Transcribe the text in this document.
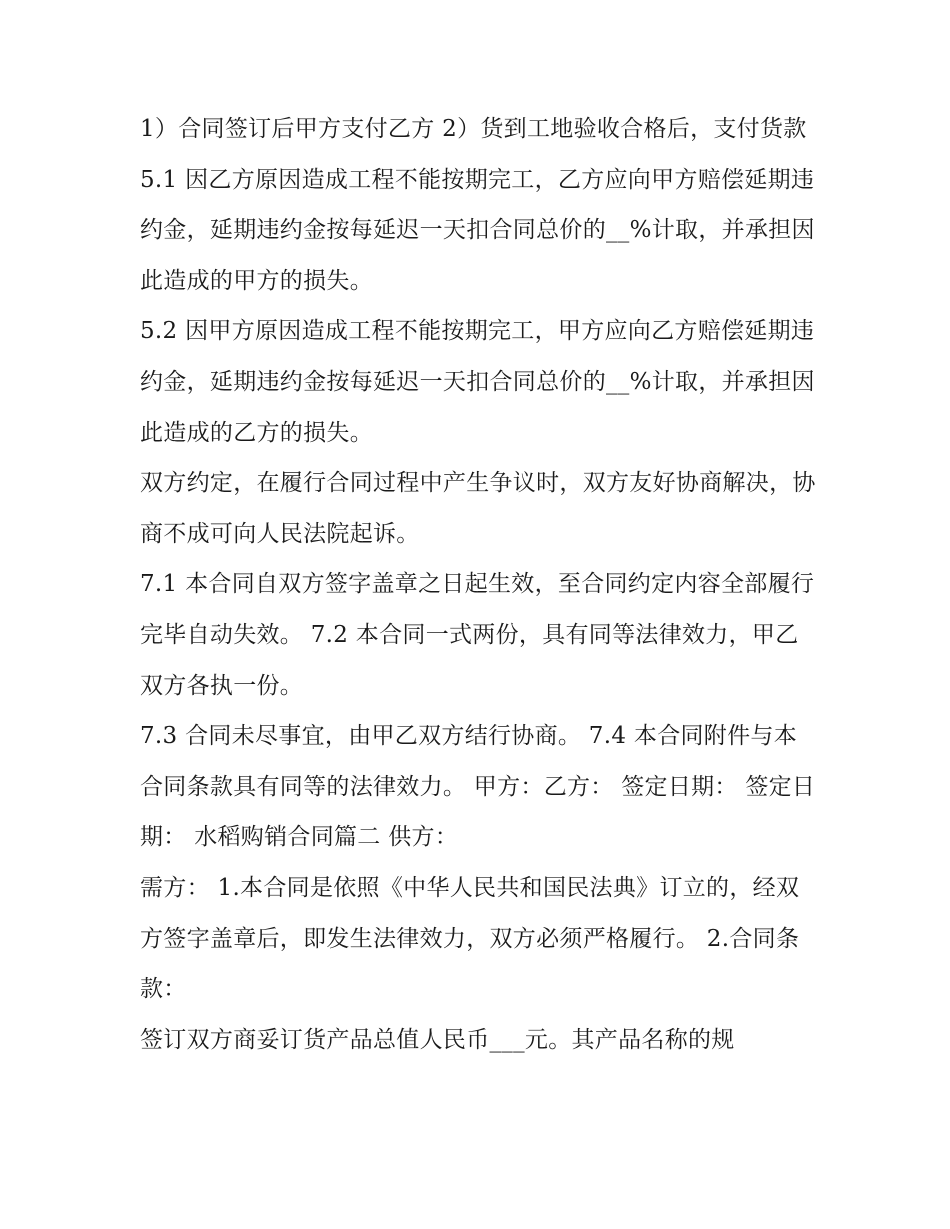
1）合同签订后甲方支付乙方 2）货到工地验收合格后，支付货款

5.1 因乙方原因造成工程不能按期完工，乙方应向甲方赔偿延期违约金，延期违约金按每延迟一天扣合同总价的__%计取，并承担因此造成的甲方的损失。

5.2 因甲方原因造成工程不能按期完工，甲方应向乙方赔偿延期违约金，延期违约金按每延迟一天扣合同总价的__%计取，并承担因此造成的乙方的损失。

双方约定，在履行合同过程中产生争议时，双方友好协商解决，协商不成可向人民法院起诉。

7.1 本合同自双方签字盖章之日起生效，至合同约定内容全部履行完毕自动失效。 7.2 本合同一式两份，具有同等法律效力，甲乙双方各执一份。

7.3 合同未尽事宜，由甲乙双方结行协商。 7.4 本合同附件与本合同条款具有同等的法律效力。 甲方：乙方： 签定日期： 签定日期： 水稻购销合同篇二 供方：

需方： 1.本合同是依照《中华人民共和国民法典》订立的，经双方签字盖章后，即发生法律效力，双方必须严格履行。 2.合同条款：

签订双方商妥订货产品总值人民币___元。其产品名称的规
